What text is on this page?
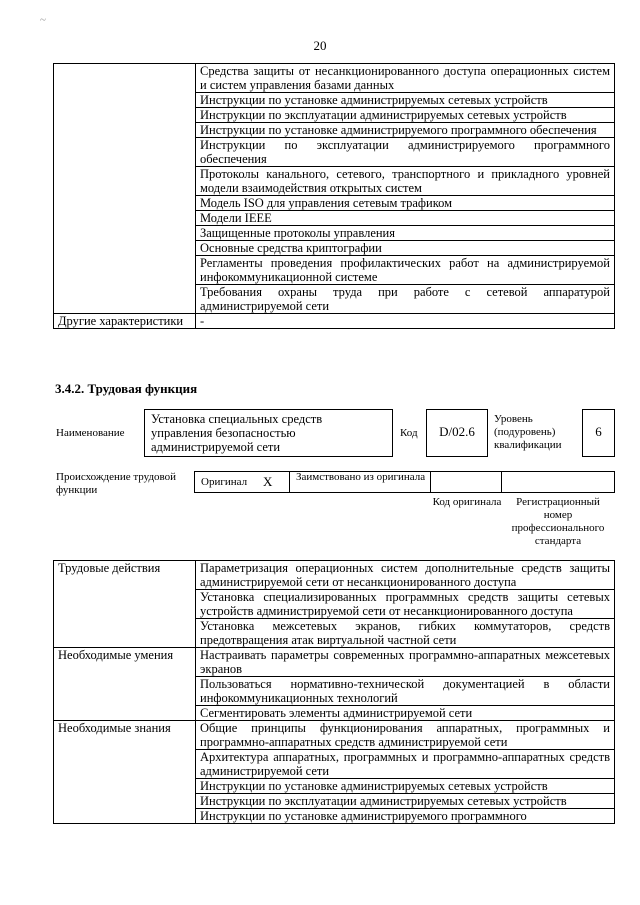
~
20
	Средства защиты от несанкционированного доступа операционных систем и систем управления базами данных
	Инструкции по установке администрируемых сетевых устройств
	Инструкции по эксплуатации администрируемых сетевых устройств
	Инструкции по установке администрируемого программного обеспечения
	Инструкции по эксплуатации администрируемого программного обеспечения
	Протоколы канального, сетевого, транспортного и прикладного уровней модели взаимодействия открытых систем
	Модель ISO для управления сетевым трафиком
	Модели IEEE
	Защищенные протоколы управления
	Основные средства криптографии
	Регламенты проведения профилактических работ на администрируемой инфокоммуникационной системе
	Требования охраны труда при работе с сетевой аппаратурой администрируемой сети
Другие характеристики	-
3.4.2. Трудовая функция
Наименование
Установка специальных средств управления безопасностью администрируемой сети
Код	D/02.6
Уровень (подуровень) квалификации
6
Происхождение трудовой функции
Оригинал X Заимствовано из оригинала
Код оригинала	Регистрационный номер профессионального стандарта
Трудовые действия	Параметризация операционных систем дополнительные средств защиты администрируемой сети от несанкционированного доступа
	Установка специализированных программных средств защиты сетевых устройств администрируемой сети от несанкционированного доступа
	Установка межсетевых экранов, гибких коммутаторов, средств предотвращения атак виртуальной частной сети
Необходимые умения	Настраивать параметры современных программно-аппаратных межсетевых экранов
	Пользоваться нормативно-технической документацией в области инфокоммуникационных технологий
	Сегментировать элементы администрируемой сети
Необходимые знания	Общие принципы функционирования аппаратных, программных и программно-аппаратных средств администрируемой сети
	Архитектура аппаратных, программных и программно-аппаратных средств администрируемой сети
	Инструкции по установке администрируемых сетевых устройств
	Инструкции по эксплуатации администрируемых сетевых устройств
	Инструкции по установке администрируемого программного
